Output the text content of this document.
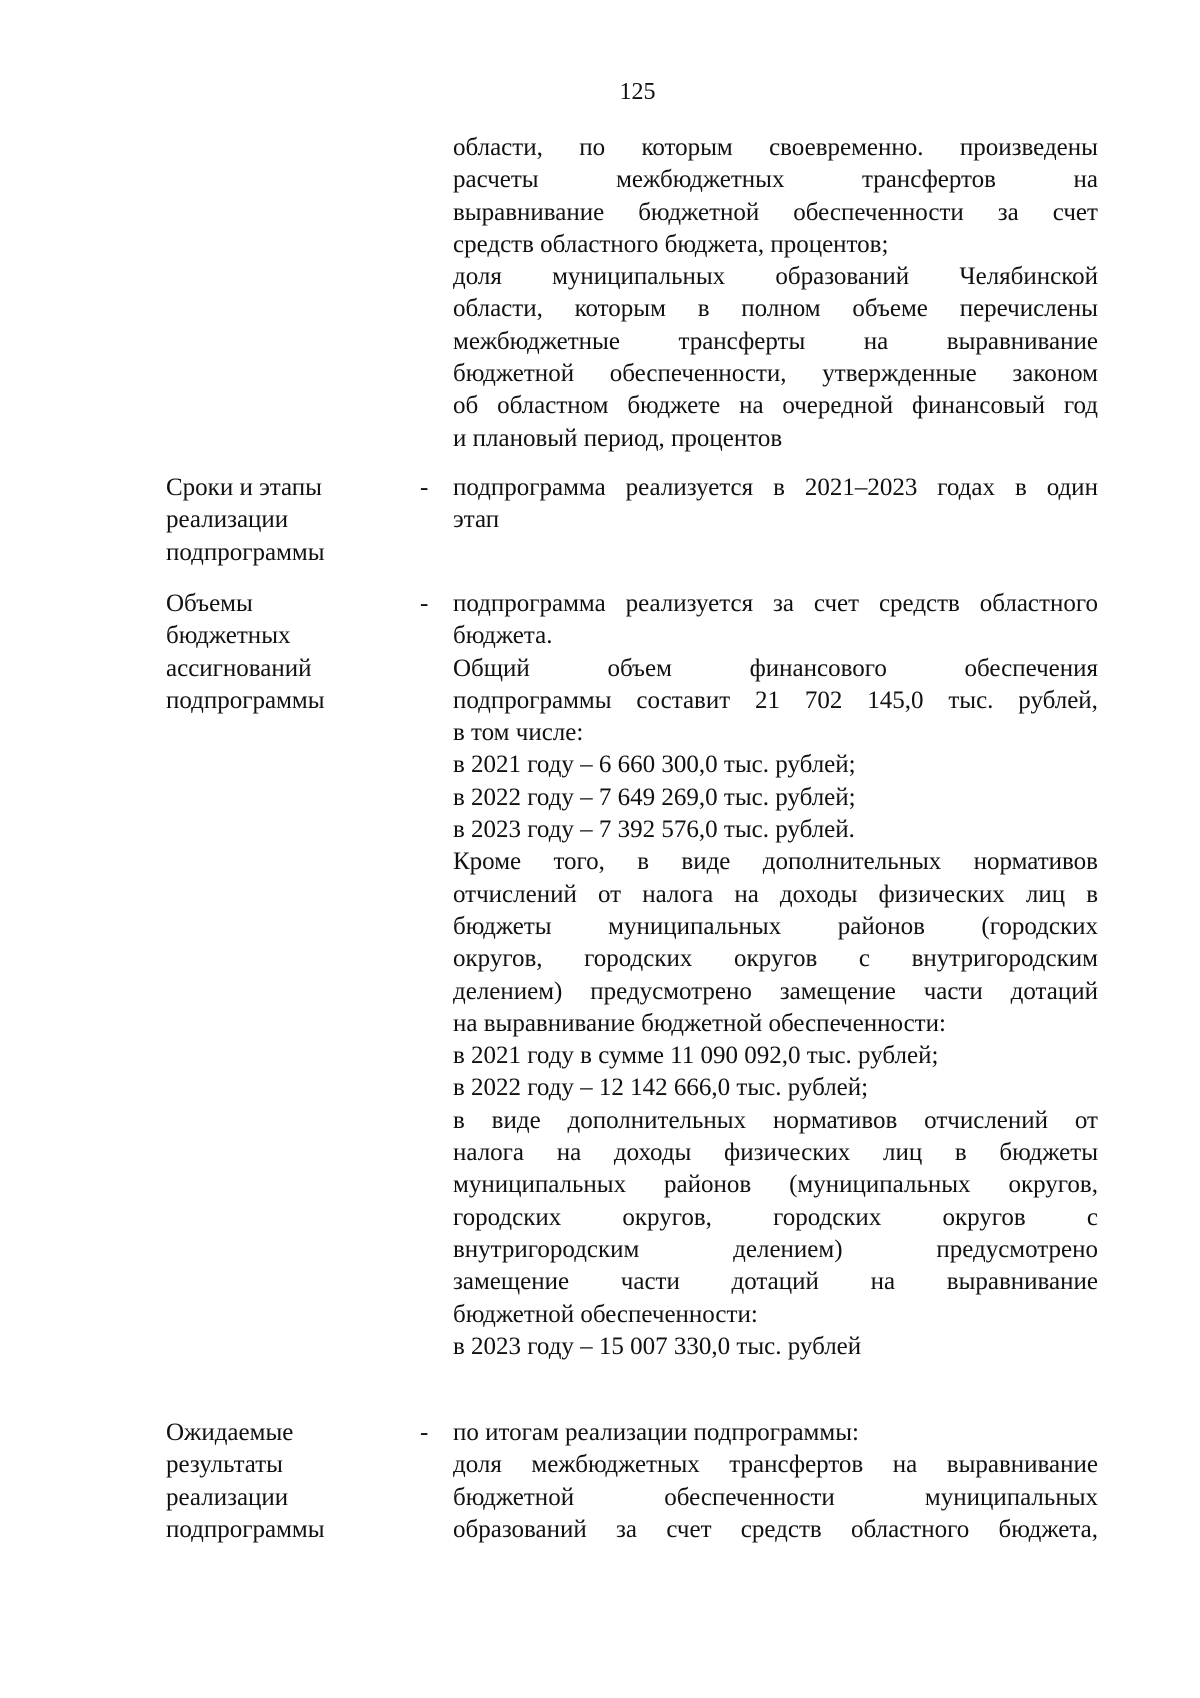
125

области, по которым своевременно. произведены
расчеты	межбюджетных	трансфертов	на
выравнивание бюджетной обеспеченности за счет
средств областного бюджета, процентов;
доля муниципальных образований Челябинской
области, которым в полном объеме перечислены
межбюджетные трансферты на выравнивание
бюджетной обеспеченности, утвержденные законом
об областном бюджете на очередной финансовый год
и плановый период, процентов
Сроки и этапы
реализации
подпрограммы
- подпрограмма реализуется в 2021–2023 годах в один
этап
Объемы
бюджетных
ассигнований
подпрограммы
- подпрограмма реализуется за счет средств областного
бюджета.
Общий	объем	финансового	обеспечения
подпрограммы составит 21 702 145,0 тыс. рублей,
в том числе:
в 2021 году – 6 660 300,0 тыс. рублей;
в 2022 году – 7 649 269,0 тыс. рублей;
в 2023 году – 7 392 576,0 тыс. рублей.
Кроме того, в виде дополнительных нормативов
отчислений от налога на доходы физических лиц в
бюджеты муниципальных районов (городских
округов, городских округов с внутригородским
делением) предусмотрено замещение части дотаций
на выравнивание бюджетной обеспеченности:
в 2021 году в сумме 11 090 092,0 тыс. рублей;
в 2022 году – 12 142 666,0 тыс. рублей;
в виде дополнительных нормативов отчислений от
налога на доходы физических лиц в бюджеты
муниципальных районов (муниципальных округов,
городских округов, городских округов с
внутригородским	делением)	предусмотрено
замещение части дотаций на выравнивание
бюджетной обеспеченности:
в 2023 году – 15 007 330,0 тыс. рублей
Ожидаемые
результаты
реализации
подпрограммы
- по итогам реализации подпрограммы:
доля межбюджетных трансфертов на выравнивание
бюджетной	обеспеченности	муниципальных
образований за счет средств областного бюджета,
